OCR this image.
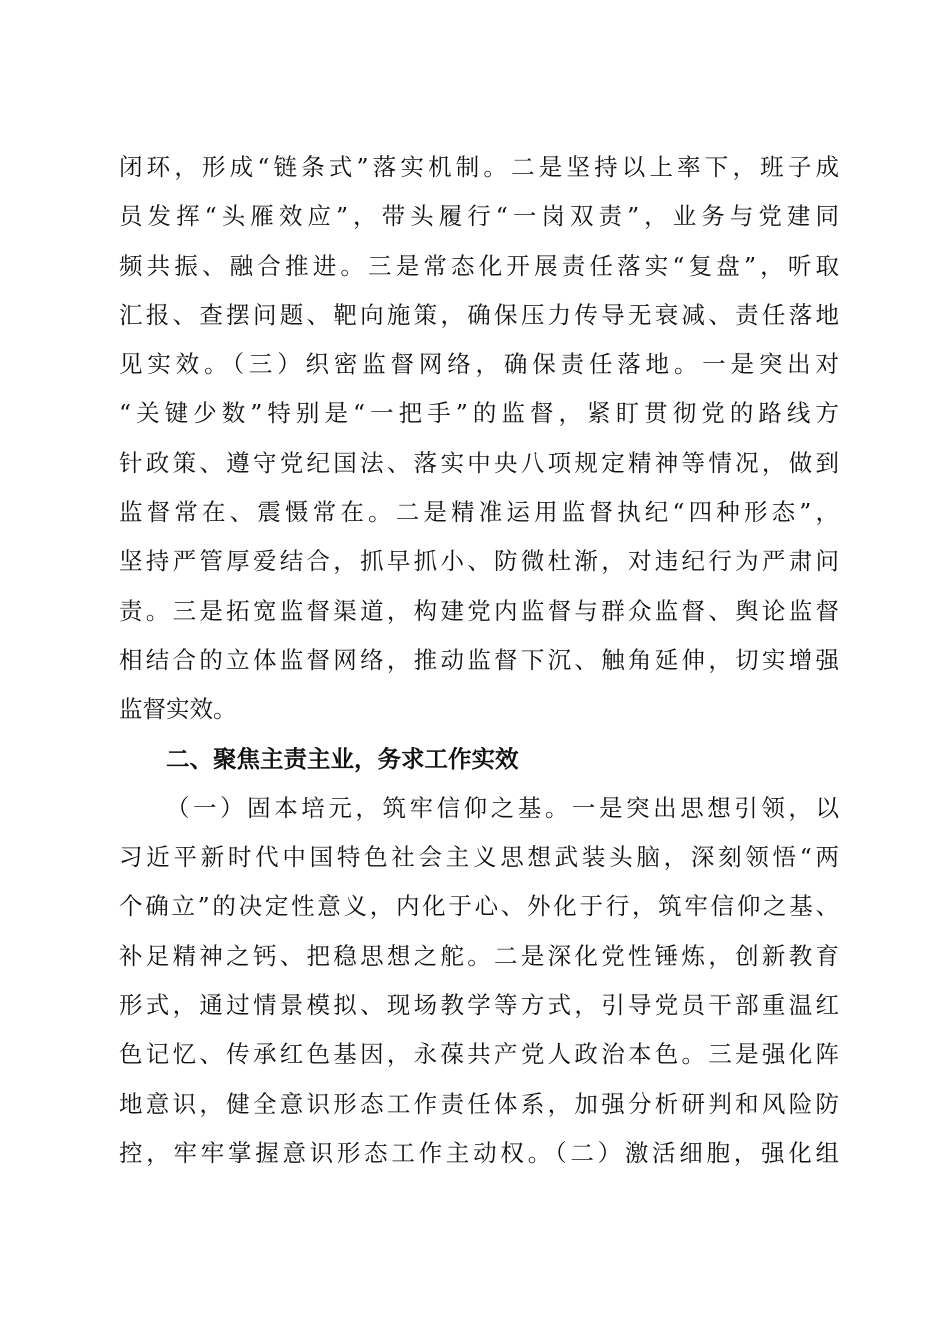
闭环，形成“链条式”落实机制。二是坚持以上率下，班子成
员发挥“头雁效应”，带头履行“一岗双责”，业务与党建同
频共振、融合推进。三是常态化开展责任落实“复盘”，听取
汇报、查摆问题、靶向施策，确保压力传导无衰减、责任落地
见实效。（三）织密监督网络，确保责任落地。一是突出对
“关键少数”特别是“一把手”的监督，紧盯贯彻党的路线方
针政策、遵守党纪国法、落实中央八项规定精神等情况，做到
监督常在、震慑常在。二是精准运用监督执纪“四种形态”，
坚持严管厚爱结合，抓早抓小、防微杜渐，对违纪行为严肃问
责。三是拓宽监督渠道，构建党内监督与群众监督、舆论监督
相结合的立体监督网络，推动监督下沉、触角延伸，切实增强
监督实效。
二、聚焦主责主业，务求工作实效
（一）固本培元，筑牢信仰之基。一是突出思想引领，以
习近平新时代中国特色社会主义思想武装头脑，深刻领悟“两
个确立”的决定性意义，内化于心、外化于行，筑牢信仰之基、
补足精神之钙、把稳思想之舵。二是深化党性锤炼，创新教育
形式，通过情景模拟、现场教学等方式，引导党员干部重温红
色记忆、传承红色基因，永葆共产党人政治本色。三是强化阵
地意识，健全意识形态工作责任体系，加强分析研判和风险防
控，牢牢掌握意识形态工作主动权。（二）激活细胞，强化组
